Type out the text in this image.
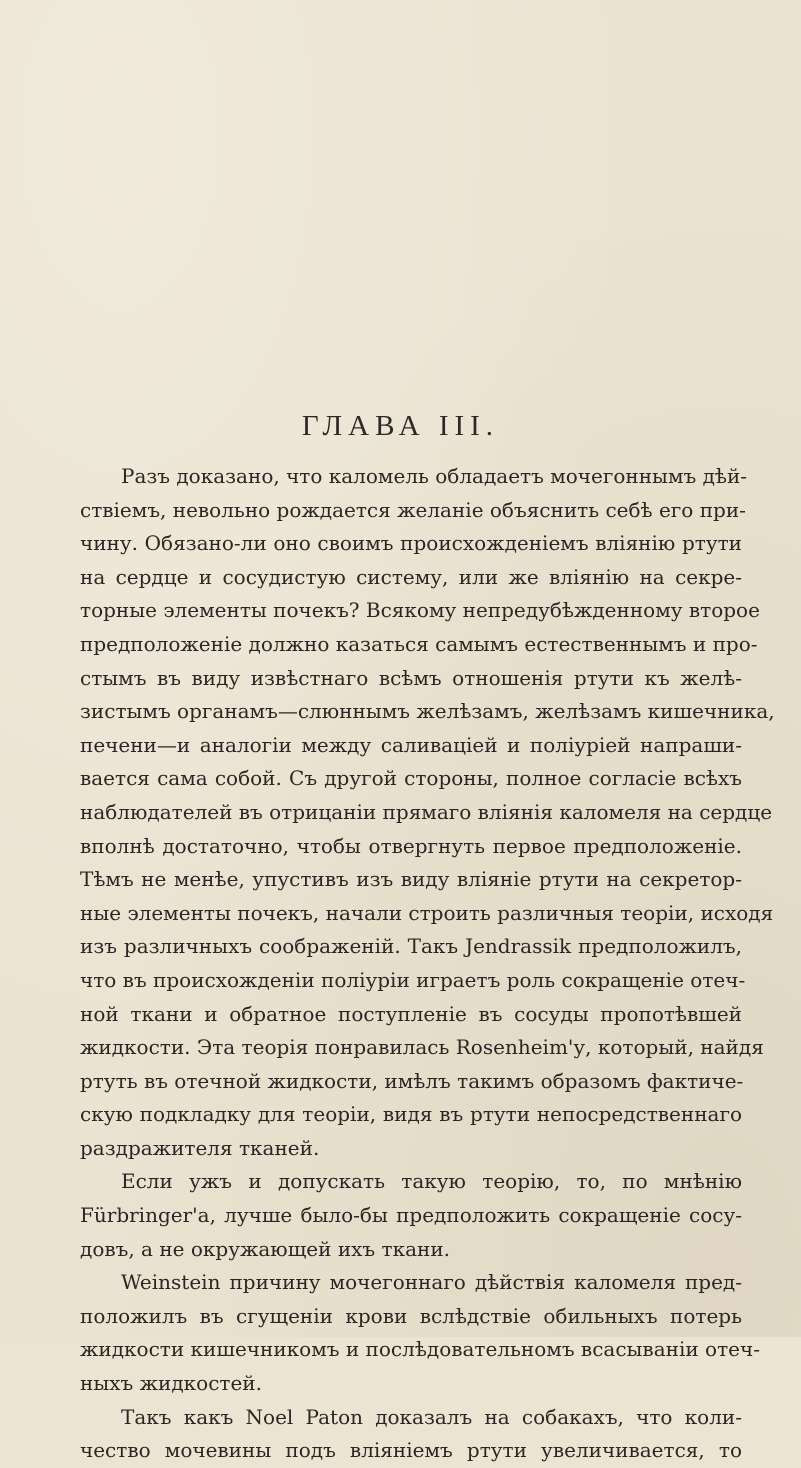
ГЛАВА III.
Разъ доказано, что каломель обладаетъ мочегоннымъ дѣй-
ствіемъ, невольно рождается желаніе объяснить себѣ его при-
чину. Обязано-ли оно своимъ происхожденіемъ вліянію ртути
на сердце и сосудистую систему, или же вліянію на секре-
торные элементы почекъ? Всякому непредубѣжденному второе
предположеніе должно казаться самымъ естественнымъ и про-
стымъ въ виду извѣстнаго всѣмъ отношенія ртути къ желѣ-
зистымъ органамъ—слюннымъ желѣзамъ, желѣзамъ кишечника,
печени—и аналогіи между саливаціей и поліуріей напраши-
вается сама собой. Съ другой стороны, полное согласіе всѣхъ
наблюдателей въ отрицаніи прямаго вліянія каломеля на сердце
вполнѣ достаточно, чтобы отвергнуть первое предположеніе.
Тѣмъ не менѣе, упустивъ изъ виду вліяніе ртути на секретор-
ные элементы почекъ, начали строить различныя теоріи, исходя
изъ различныхъ соображеній. Такъ Jendrassik предположилъ,
что въ происхожденіи поліуріи играетъ роль сокращеніе отеч-
ной ткани и обратное поступленіе въ сосуды пропотѣвшей
жидкости. Эта теорія понравилась Rosenheim'у, который, найдя
ртуть въ отечной жидкости, имѣлъ такимъ образомъ фактиче-
скую подкладку для теоріи, видя въ ртути непосредственнаго
раздражителя тканей.
Если ужъ и допускать такую теорію, то, по мнѣнію
Fürbringer'a, лучше было-бы предположить сокращеніе сосу-
довъ, а не окружающей ихъ ткани.
Weinstein причину мочегоннаго дѣйствія каломеля пред-
положилъ въ сгущеніи крови вслѣдствіе обильныхъ потерь
жидкости кишечникомъ и послѣдовательномъ всасываніи отеч-
ныхъ жидкостей.
Такъ какъ Noel Paton доказалъ на собакахъ, что коли-
чество мочевины подъ вліяніемъ ртути увеличивается, то
